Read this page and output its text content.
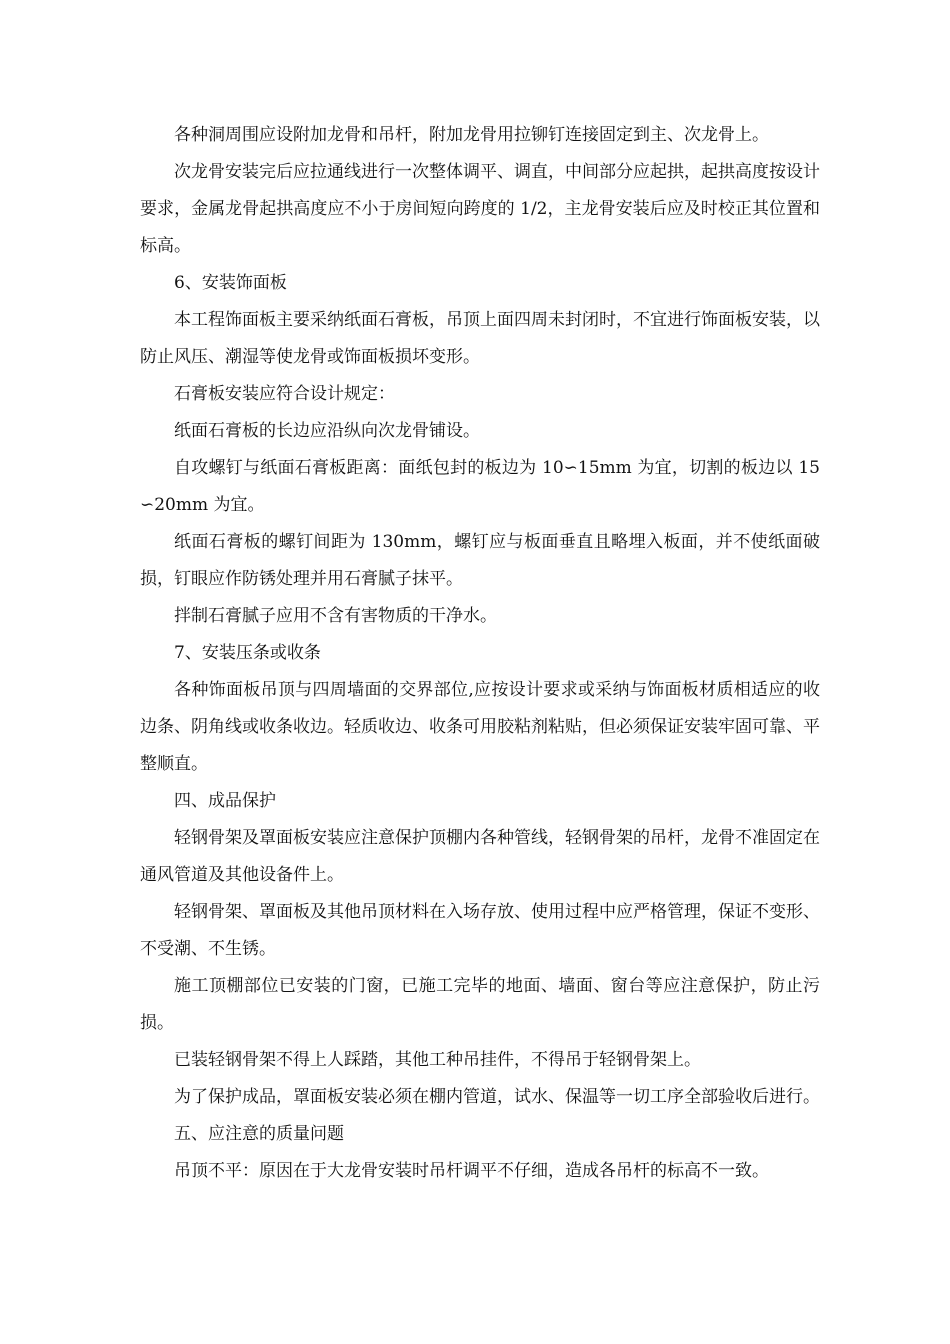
各种洞周围应设附加龙骨和吊杆，附加龙骨用拉铆钉连接固定到主、次龙骨上。

次龙骨安装完后应拉通线进行一次整体调平、调直，中间部分应起拱，起拱高度按设计要求，金属龙骨起拱高度应不小于房间短向跨度的 1/2，主龙骨安装后应及时校正其位置和标高。

6、安装饰面板

本工程饰面板主要采纳纸面石膏板，吊顶上面四周未封闭时，不宜进行饰面板安装，以防止风压、潮湿等使龙骨或饰面板损坏变形。

石膏板安装应符合设计规定：

纸面石膏板的长边应沿纵向次龙骨铺设。

自攻螺钉与纸面石膏板距离：面纸包封的板边为 10∽15mm 为宜，切割的板边以 15∽20mm 为宜。

纸面石膏板的螺钉间距为 130mm，螺钉应与板面垂直且略埋入板面，并不使纸面破损，钉眼应作防锈处理并用石膏腻子抹平。

拌制石膏腻子应用不含有害物质的干净水。

7、安装压条或收条

各种饰面板吊顶与四周墙面的交界部位,应按设计要求或采纳与饰面板材质相适应的收边条、阴角线或收条收边。轻质收边、收条可用胶粘剂粘贴，但必须保证安装牢固可靠、平整顺直。

四、成品保护

轻钢骨架及罩面板安装应注意保护顶棚内各种管线，轻钢骨架的吊杆，龙骨不准固定在通风管道及其他设备件上。

轻钢骨架、罩面板及其他吊顶材料在入场存放、使用过程中应严格管理，保证不变形、不受潮、不生锈。

施工顶棚部位已安装的门窗，已施工完毕的地面、墙面、窗台等应注意保护，防止污损。

已装轻钢骨架不得上人踩踏，其他工种吊挂件，不得吊于轻钢骨架上。

为了保护成品，罩面板安装必须在棚内管道，试水、保温等一切工序全部验收后进行。

五、应注意的质量问题

吊顶不平：原因在于大龙骨安装时吊杆调平不仔细，造成各吊杆的标高不一致。
